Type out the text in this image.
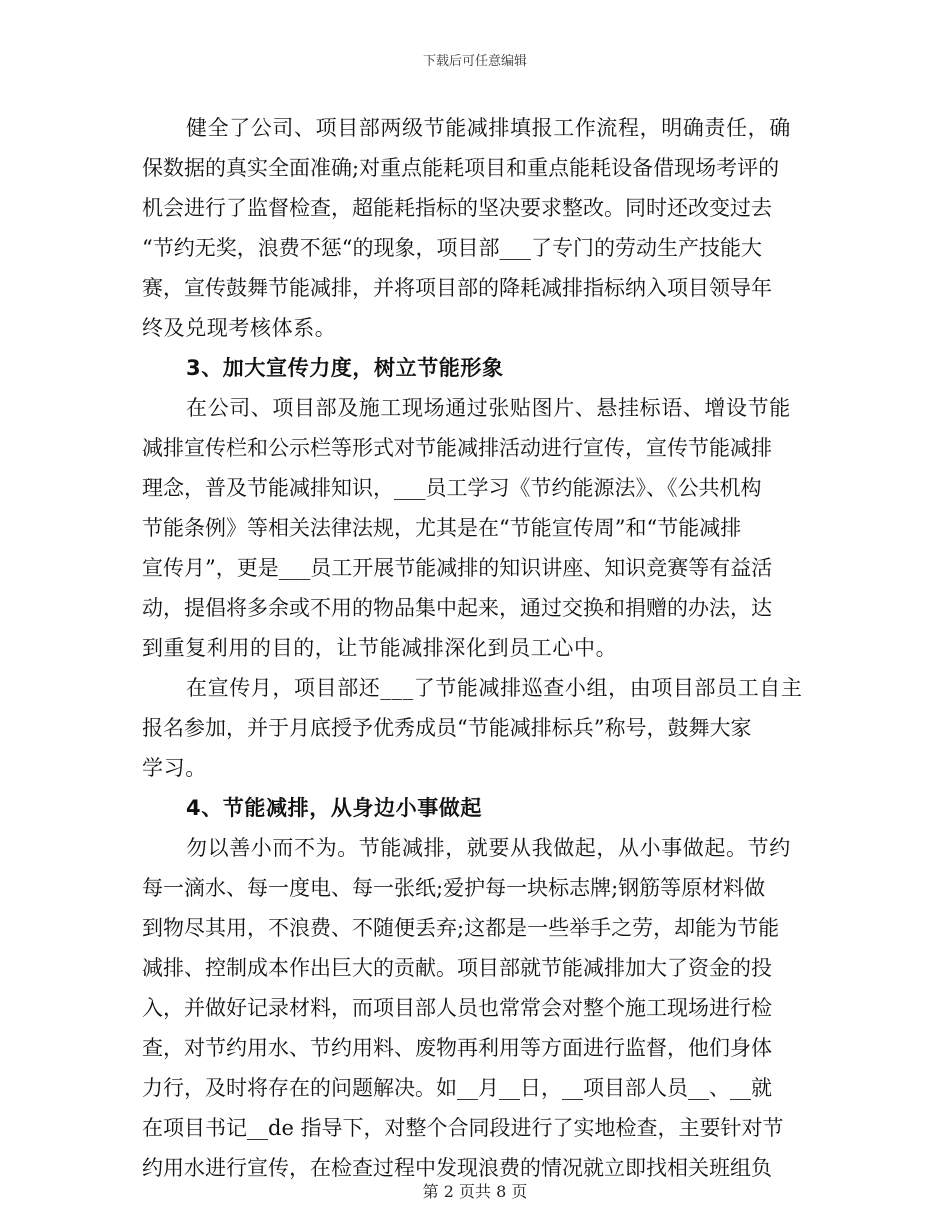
下载后可任意编辑
健全了公司、项目部两级节能减排填报工作流程，明确责任，确
保数据的真实全面准确;对重点能耗项目和重点能耗设备借现场考评的
机会进行了监督检查，超能耗指标的坚决要求整改。同时还改变过去
“节约无奖，浪费不惩“的现象，项目部___了专门的劳动生产技能大
赛，宣传鼓舞节能减排，并将项目部的降耗减排指标纳入项目领导年
终及兑现考核体系。
3、加大宣传力度，树立节能形象
在公司、项目部及施工现场通过张贴图片、悬挂标语、增设节能
减排宣传栏和公示栏等形式对节能减排活动进行宣传，宣传节能减排
理念，普及节能减排知识，___员工学习《节约能源法》、《公共机构
节能条例》等相关法律法规，尤其是在“节能宣传周”和“节能减排
宣传月”，更是___员工开展节能减排的知识讲座、知识竞赛等有益活
动，提倡将多余或不用的物品集中起来，通过交换和捐赠的办法，达
到重复利用的目的，让节能减排深化到员工心中。
在宣传月，项目部还___了节能减排巡查小组，由项目部员工自主
报名参加，并于月底授予优秀成员“节能减排标兵”称号，鼓舞大家
学习。
4、节能减排，从身边小事做起
勿以善小而不为。节能减排，就要从我做起，从小事做起。节约
每一滴水、每一度电、每一张纸;爱护每一块标志牌;钢筋等原材料做
到物尽其用，不浪费、不随便丢弃;这都是一些举手之劳，却能为节能
减排、控制成本作出巨大的贡献。项目部就节能减排加大了资金的投
入，并做好记录材料，而项目部人员也常常会对整个施工现场进行检
查，对节约用水、节约用料、废物再利用等方面进行监督，他们身体
力行，及时将存在的问题解决。如__月__日，__项目部人员__、__就
在项目书记__de 指导下，对整个合同段进行了实地检查，主要针对节
约用水进行宣传，在检查过程中发现浪费的情况就立即找相关班组负
第 2 页共 8 页
